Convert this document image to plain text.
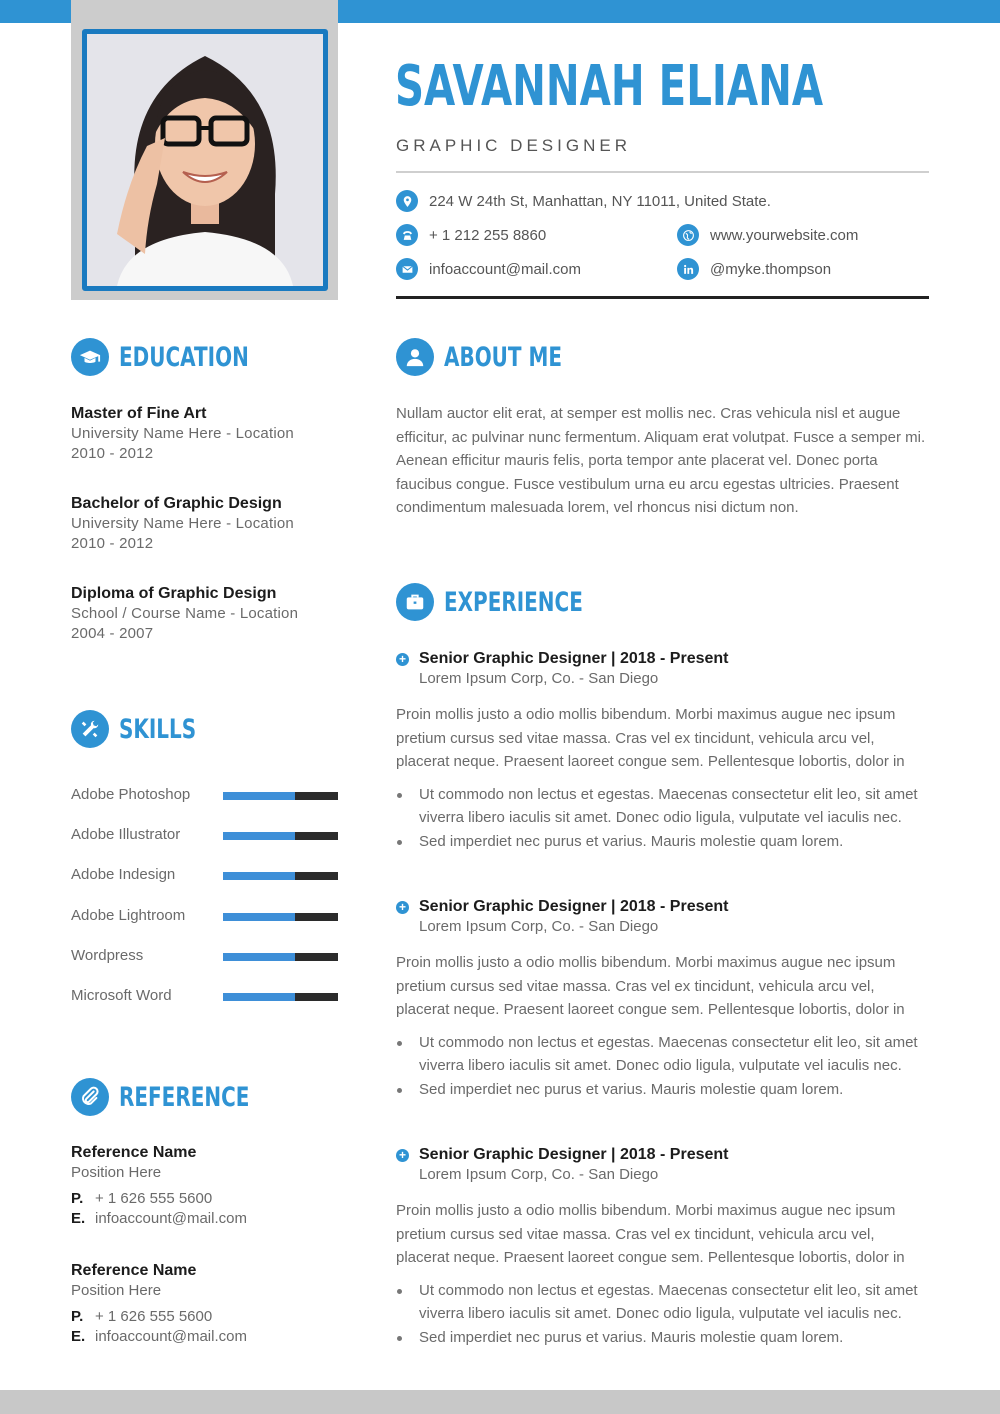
SAVANNAH ELIANA
GRAPHIC DESIGNER
224 W 24th St, Manhattan, NY 11011, United State.
+ 1 212 255 8860
infoaccount@mail.com
www.yourwebsite.com
@myke.thompson
EDUCATION
Master of Fine Art
University Name Here - Location
2010 - 2012
Bachelor of Graphic Design
University Name Here - Location
2010 - 2012
Diploma of Graphic Design
School / Course Name - Location
2004 - 2007
SKILLS
Adobe Photoshop
Adobe Illustrator
Adobe Indesign
Adobe Lightroom
Wordpress
Microsoft Word
REFERENCE
Reference Name
Position Here
P. + 1 626 555 5600
E. infoaccount@mail.com
Reference Name
Position Here
P. + 1 626 555 5600
E. infoaccount@mail.com
ABOUT ME
Nullam auctor elit erat, at semper est mollis nec. Cras vehicula nisl et augue efficitur, ac pulvinar nunc fermentum. Aliquam erat volutpat. Fusce a semper mi. Aenean efficitur mauris felis, porta tempor ante placerat vel. Donec porta faucibus congue. Fusce vestibulum urna eu arcu egestas ultricies. Praesent condimentum malesuada lorem, vel rhoncus nisi dictum non.
EXPERIENCE
+ Senior Graphic Designer | 2018 - Present
Lorem Ipsum Corp, Co. - San Diego
Proin mollis justo a odio mollis bibendum. Morbi maximus augue nec ipsum pretium cursus sed vitae massa. Cras vel ex tincidunt, vehicula arcu vel, placerat neque. Praesent laoreet congue sem. Pellentesque lobortis, dolor in
Ut commodo non lectus et egestas. Maecenas consectetur elit leo, sit amet viverra libero iaculis sit amet. Donec odio ligula, vulputate vel iaculis nec.
Sed imperdiet nec purus et varius. Mauris molestie quam lorem.
+ Senior Graphic Designer | 2018 - Present
Lorem Ipsum Corp, Co. - San Diego
Proin mollis justo a odio mollis bibendum. Morbi maximus augue nec ipsum pretium cursus sed vitae massa. Cras vel ex tincidunt, vehicula arcu vel, placerat neque. Praesent laoreet congue sem. Pellentesque lobortis, dolor in
Ut commodo non lectus et egestas. Maecenas consectetur elit leo, sit amet viverra libero iaculis sit amet. Donec odio ligula, vulputate vel iaculis nec.
Sed imperdiet nec purus et varius. Mauris molestie quam lorem.
+ Senior Graphic Designer | 2018 - Present
Lorem Ipsum Corp, Co. - San Diego
Proin mollis justo a odio mollis bibendum. Morbi maximus augue nec ipsum pretium cursus sed vitae massa. Cras vel ex tincidunt, vehicula arcu vel, placerat neque. Praesent laoreet congue sem. Pellentesque lobortis, dolor in
Ut commodo non lectus et egestas. Maecenas consectetur elit leo, sit amet viverra libero iaculis sit amet. Donec odio ligula, vulputate vel iaculis nec.
Sed imperdiet nec purus et varius. Mauris molestie quam lorem.
